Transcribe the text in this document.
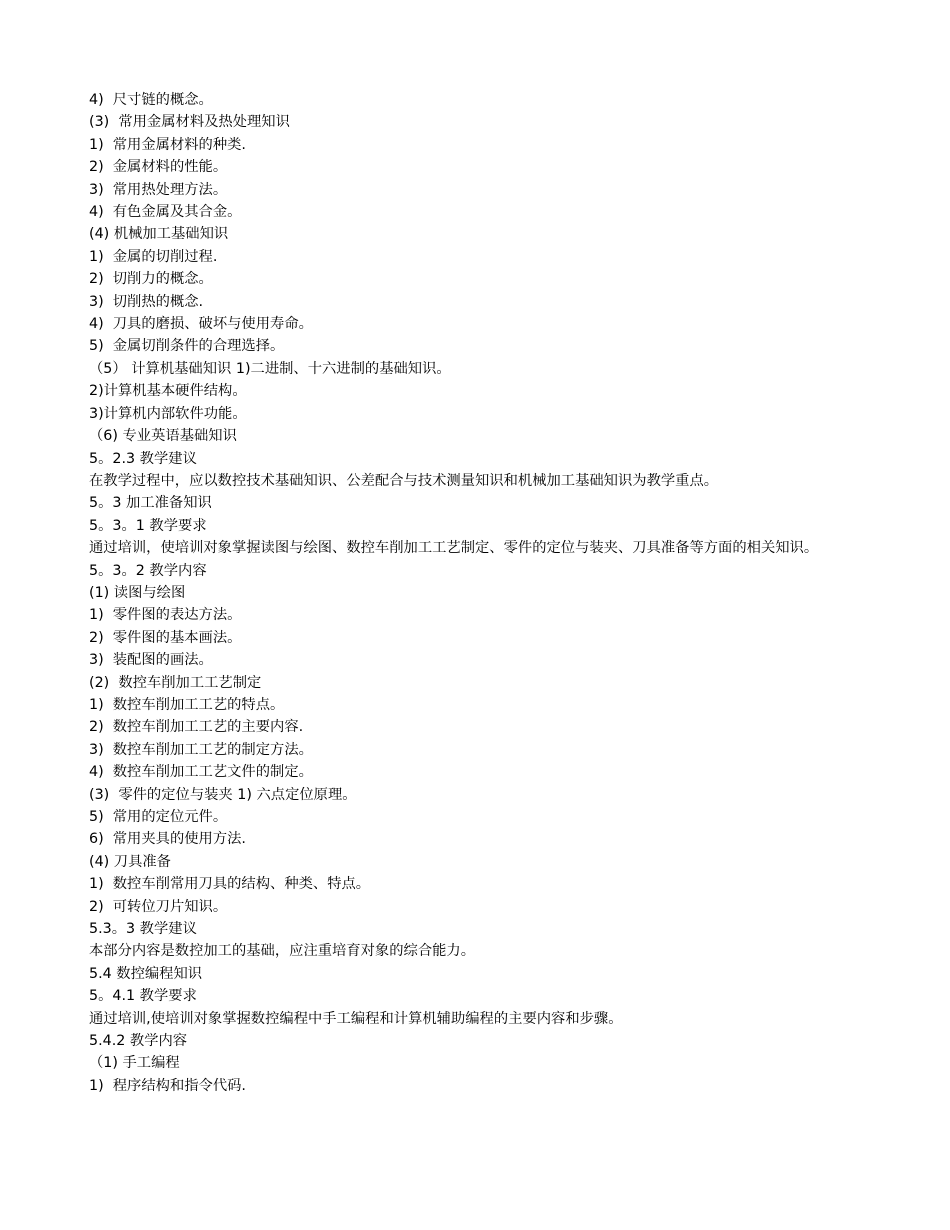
4)  尺寸链的概念。
(3)  常用金属材料及热处理知识
1)  常用金属材料的种类.
2)  金属材料的性能。
3)  常用热处理方法。
4)  有色金属及其合金。
(4) 机械加工基础知识
1)  金属的切削过程.
2)  切削力的概念。
3)  切削热的概念.
4)  刀具的磨损、破坏与使用寿命。
5)  金属切削条件的合理选择。
（5） 计算机基础知识 1)二进制、十六进制的基础知识。
2)计算机基本硬件结构。
3)计算机内部软件功能。
（6) 专业英语基础知识
5。2.3 教学建议
在教学过程中，应以数控技术基础知识、公差配合与技术测量知识和机械加工基础知识为教学重点。
5。3 加工准备知识
5。3。1 教学要求
通过培训，使培训对象掌握读图与绘图、数控车削加工工艺制定、零件的定位与装夹、刀具准备等方面的相关知识。
5。3。2 教学内容
(1) 读图与绘图
1)  零件图的表达方法。
2)  零件图的基本画法。
3)  装配图的画法。
(2)  数控车削加工工艺制定
1)  数控车削加工工艺的特点。
2)  数控车削加工工艺的主要内容.
3)  数控车削加工工艺的制定方法。
4)  数控车削加工工艺文件的制定。
(3)  零件的定位与装夹 1) 六点定位原理。
5)  常用的定位元件。
6)  常用夹具的使用方法.
(4) 刀具准备
1)  数控车削常用刀具的结构、种类、特点。
2)  可转位刀片知识。
5.3。3 教学建议
本部分内容是数控加工的基础，应注重培育对象的综合能力。
5.4 数控编程知识
5。4.1 教学要求
通过培训,使培训对象掌握数控编程中手工编程和计算机辅助编程的主要内容和步骤。
5.4.2 教学内容
（1) 手工编程
1)  程序结构和指令代码.
